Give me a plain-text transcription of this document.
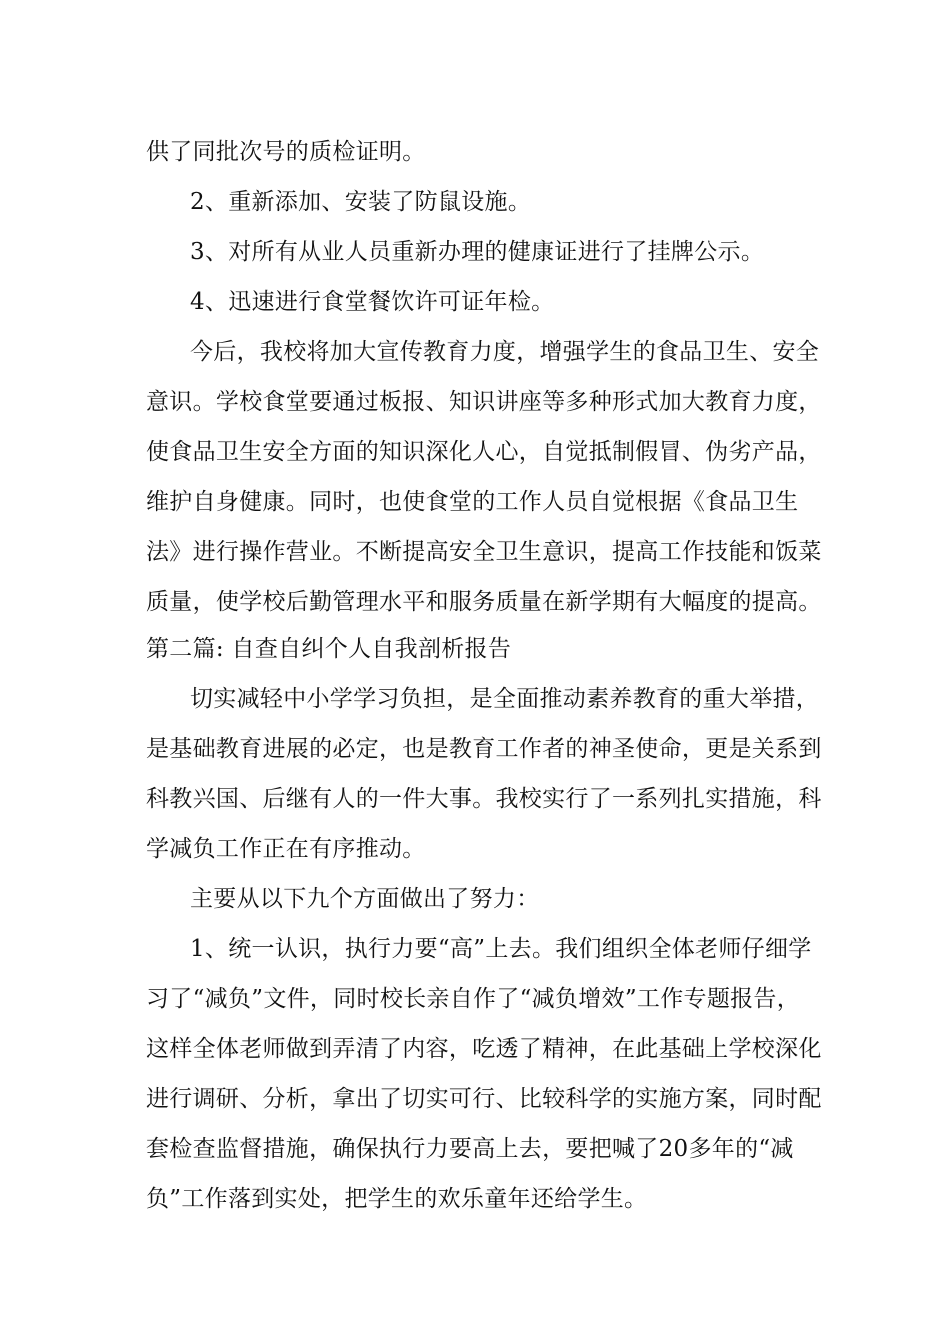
供了同批次号的质检证明。
2、重新添加、安装了防鼠设施。
3、对所有从业人员重新办理的健康证进行了挂牌公示。
4、迅速进行食堂餐饮许可证年检。
今后，我校将加大宣传教育力度，增强学生的食品卫生、安全
意识。学校食堂要通过板报、知识讲座等多种形式加大教育力度，
使食品卫生安全方面的知识深化人心，自觉抵制假冒、伪劣产品，
维护自身健康。同时，也使食堂的工作人员自觉根据《食品卫生
法》进行操作营业。不断提高安全卫生意识，提高工作技能和饭菜
质量，使学校后勤管理水平和服务质量在新学期有大幅度的提高。
第二篇: 自查自纠个人自我剖析报告
切实减轻中小学学习负担，是全面推动素养教育的重大举措，
是基础教育进展的必定，也是教育工作者的神圣使命，更是关系到
科教兴国、后继有人的一件大事。我校实行了一系列扎实措施，科
学减负工作正在有序推动。
主要从以下九个方面做出了努力：
1、统一认识，执行力要“高”上去。我们组织全体老师仔细学
习了“减负”文件，同时校长亲自作了“减负增效”工作专题报告，
这样全体老师做到弄清了内容，吃透了精神，在此基础上学校深化
进行调研、分析，拿出了切实可行、比较科学的实施方案，同时配
套检查监督措施，确保执行力要高上去，要把喊了20多年的“减
负”工作落到实处，把学生的欢乐童年还给学生。
